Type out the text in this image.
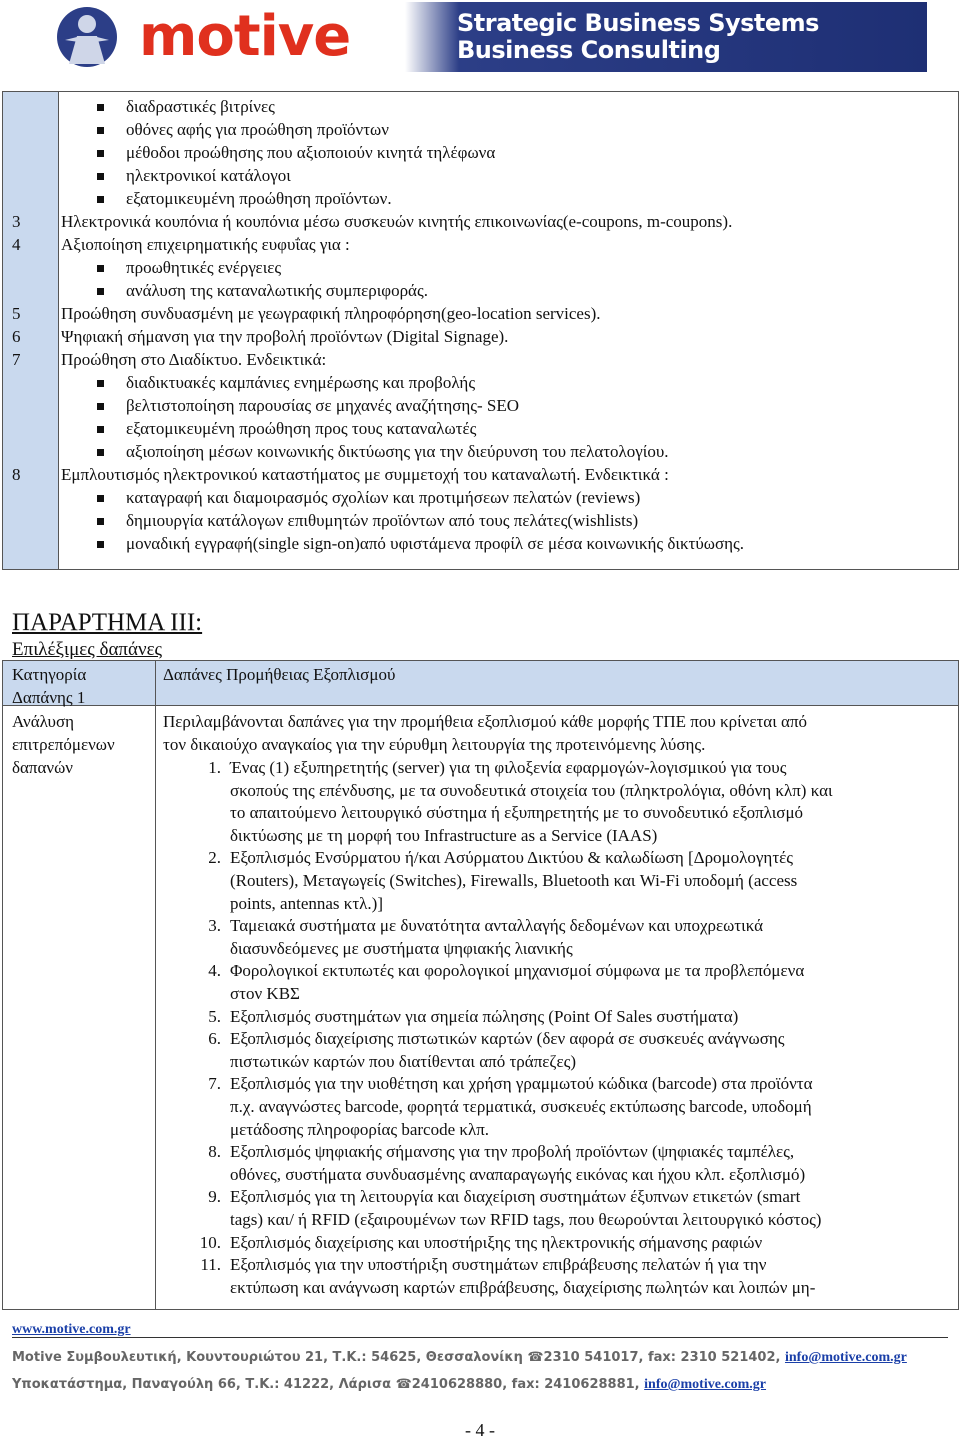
motive	Strategic Business Systems
Business Consulting
διαδραστικές βιτρίνες
οθόνες αφής για προώθηση προϊόντων
μέθοδοι προώθησης που αξιοποιούν κινητά τηλέφωνα
ηλεκτρονικοί κατάλογοι
εξατομικευμένη προώθηση προϊόντων.
3 Ηλεκτρονικά κουπόνια ή κουπόνια μέσω συσκευών κινητής επικοινωνίας(e-coupons, m-coupons).
4 Αξιοποίηση επιχειρηματικής ευφυΐας για :
προωθητικές ενέργειες
ανάλυση της καταναλωτικής συμπεριφοράς.
5 Προώθηση συνδυασμένη με γεωγραφική πληροφόρηση(geo-location services).
6 Ψηφιακή σήμανση για την προβολή προϊόντων (Digital Signage).
7 Προώθηση στο Διαδίκτυο. Ενδεικτικά:
διαδικτυακές καμπάνιες ενημέρωσης και προβολής
βελτιστοποίηση παρουσίας σε μηχανές αναζήτησης- SEO
εξατομικευμένη προώθηση προς τους καταναλωτές
αξιοποίηση μέσων κοινωνικής δικτύωσης για την διεύρυνση του πελατολογίου.
8 Εμπλουτισμός ηλεκτρονικού καταστήματος με συμμετοχή του καταναλωτή. Ενδεικτικά :
καταγραφή και διαμοιρασμός σχολίων και προτιμήσεων πελατών (reviews)
δημιουργία κατάλογων επιθυμητών προϊόντων από τους πελάτες(wishlists)
μοναδική εγγραφή(single sign-on)από υφιστάμενα προφίλ σε μέσα κοινωνικής δικτύωσης.
ΠΑΡΑΡΤΗΜΑ ΙΙΙ:
Επιλέξιμες δαπάνες
Κατηγορία
Δαπάνης 1
Δαπάνες Προμήθειας Εξοπλισμού
Ανάλυση
επιτρεπόμενων
δαπανών
Περιλαμβάνονται δαπάνες για την προμήθεια εξοπλισμού κάθε μορφής ΤΠΕ που κρίνεται από
τον δικαιούχο αναγκαίος για την εύρυθμη λειτουργία της προτεινόμενης λύσης.
1. Ένας (1) εξυπηρετητής (server) για τη φιλοξενία εφαρμογών-λογισμικού για τους
σκοπούς της επένδυσης, με τα συνοδευτικά στοιχεία του (πληκτρολόγια, οθόνη κλπ) και
το απαιτούμενο λειτουργικό σύστημα ή εξυπηρετητής με το συνοδευτικό εξοπλισμό
δικτύωσης με τη μορφή του Infrastructure as a Service (IAAS)
2. Εξοπλισμός Ενσύρματου ή/και Ασύρματου Δικτύου & καλωδίωση [Δρομολογητές
(Routers), Μεταγωγείς (Switches), Firewalls, Bluetooth και Wi-Fi υποδομή (access
points, antennas κτλ.)]
3. Ταμειακά συστήματα με δυνατότητα ανταλλαγής δεδομένων και υποχρεωτικά
διασυνδεόμενες με συστήματα ψηφιακής λιανικής
4. Φορολογικοί εκτυπωτές και φορολογικοί μηχανισμοί σύμφωνα με τα προβλεπόμενα
στον ΚΒΣ
5. Εξοπλισμός συστημάτων για σημεία πώλησης (Point Of Sales συστήματα)
6. Εξοπλισμός διαχείρισης πιστωτικών καρτών (δεν αφορά σε συσκευές ανάγνωσης
πιστωτικών καρτών που διατίθενται από τράπεζες)
7. Εξοπλισμός για την υιοθέτηση και χρήση γραμμωτού κώδικα (barcode) στα προϊόντα
π.χ. αναγνώστες barcode, φορητά τερματικά, συσκευές εκτύπωσης barcode, υποδομή
μετάδοσης πληροφορίας barcode κλπ.
8. Εξοπλισμός ψηφιακής σήμανσης για την προβολή προϊόντων (ψηφιακές ταμπέλες,
οθόνες, συστήματα συνδυασμένης αναπαραγωγής εικόνας και ήχου κλπ. εξοπλισμό)
9. Εξοπλισμός για τη λειτουργία και διαχείριση συστημάτων έξυπνων ετικετών (smart
tags) και/ ή RFID (εξαιρουμένων των RFID tags, που θεωρούνται λειτουργικό κόστος)
10. Εξοπλισμός διαχείρισης και υποστήριξης της ηλεκτρονικής σήμανσης ραφιών
11. Εξοπλισμός για την υποστήριξη συστημάτων επιβράβευσης πελατών ή για την
εκτύπωση και ανάγνωση καρτών επιβράβευσης, διαχείρισης πωλητών και λοιπών μη-
www.motive.com.gr
Motive Συμβουλευτική, Κουντουριώτου 21, Τ.Κ.: 54625, Θεσσαλονίκη ☎2310 541017, fax: 2310 521402, info@motive.com.gr
Υποκατάστημα, Παναγούλη 66, Τ.Κ.: 41222, Λάρισα ☎2410628880, fax: 2410628881, info@motive.com.gr
- 4 -
